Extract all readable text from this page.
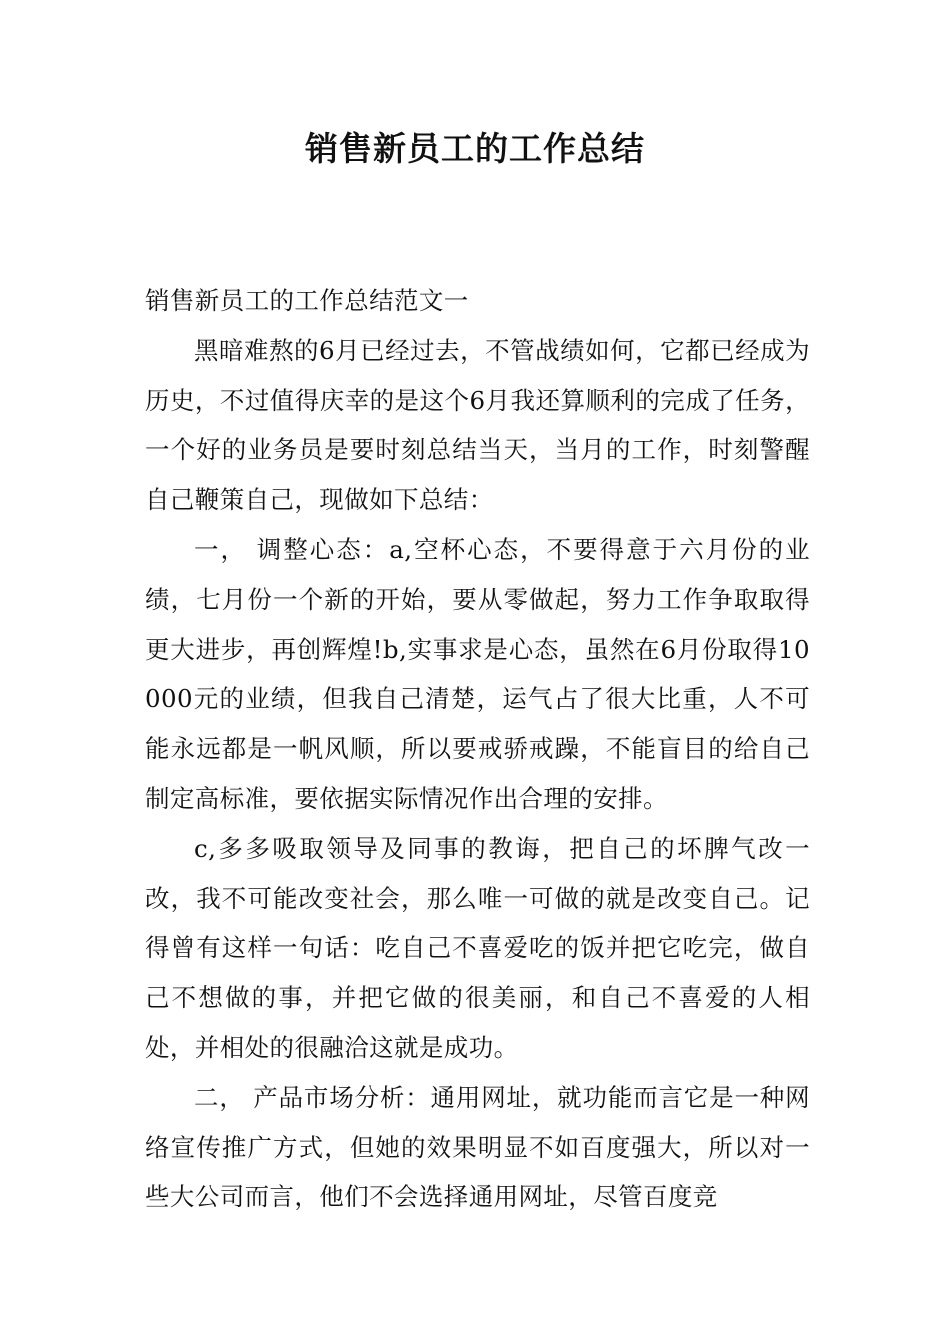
销售新员工的工作总结

销售新员工的工作总结范文一

黑暗难熬的6月已经过去，不管战绩如何，它都已经成为历史，不过值得庆幸的是这个6月我还算顺利的完成了任务，一个好的业务员是要时刻总结当天，当月的工作，时刻警醒自己鞭策自己，现做如下总结：

一， 调整心态：a,空杯心态，不要得意于六月份的业绩，七月份一个新的开始，要从零做起，努力工作争取取得更大进步，再创辉煌!b,实事求是心态，虽然在6月份取得10000元的业绩，但我自己清楚，运气占了很大比重，人不可能永远都是一帆风顺，所以要戒骄戒躁，不能盲目的给自己制定高标准，要依据实际情况作出合理的安排。

c,多多吸取领导及同事的教诲，把自己的坏脾气改一改，我不可能改变社会，那么唯一可做的就是改变自己。记得曾有这样一句话：吃自己不喜爱吃的饭并把它吃完，做自己不想做的事，并把它做的很美丽，和自己不喜爱的人相处，并相处的很融洽这就是成功。

二， 产品市场分析：通用网址，就功能而言它是一种网络宣传推广方式，但她的效果明显不如百度强大，所以对一些大公司而言，他们不会选择通用网址，尽管百度竞
